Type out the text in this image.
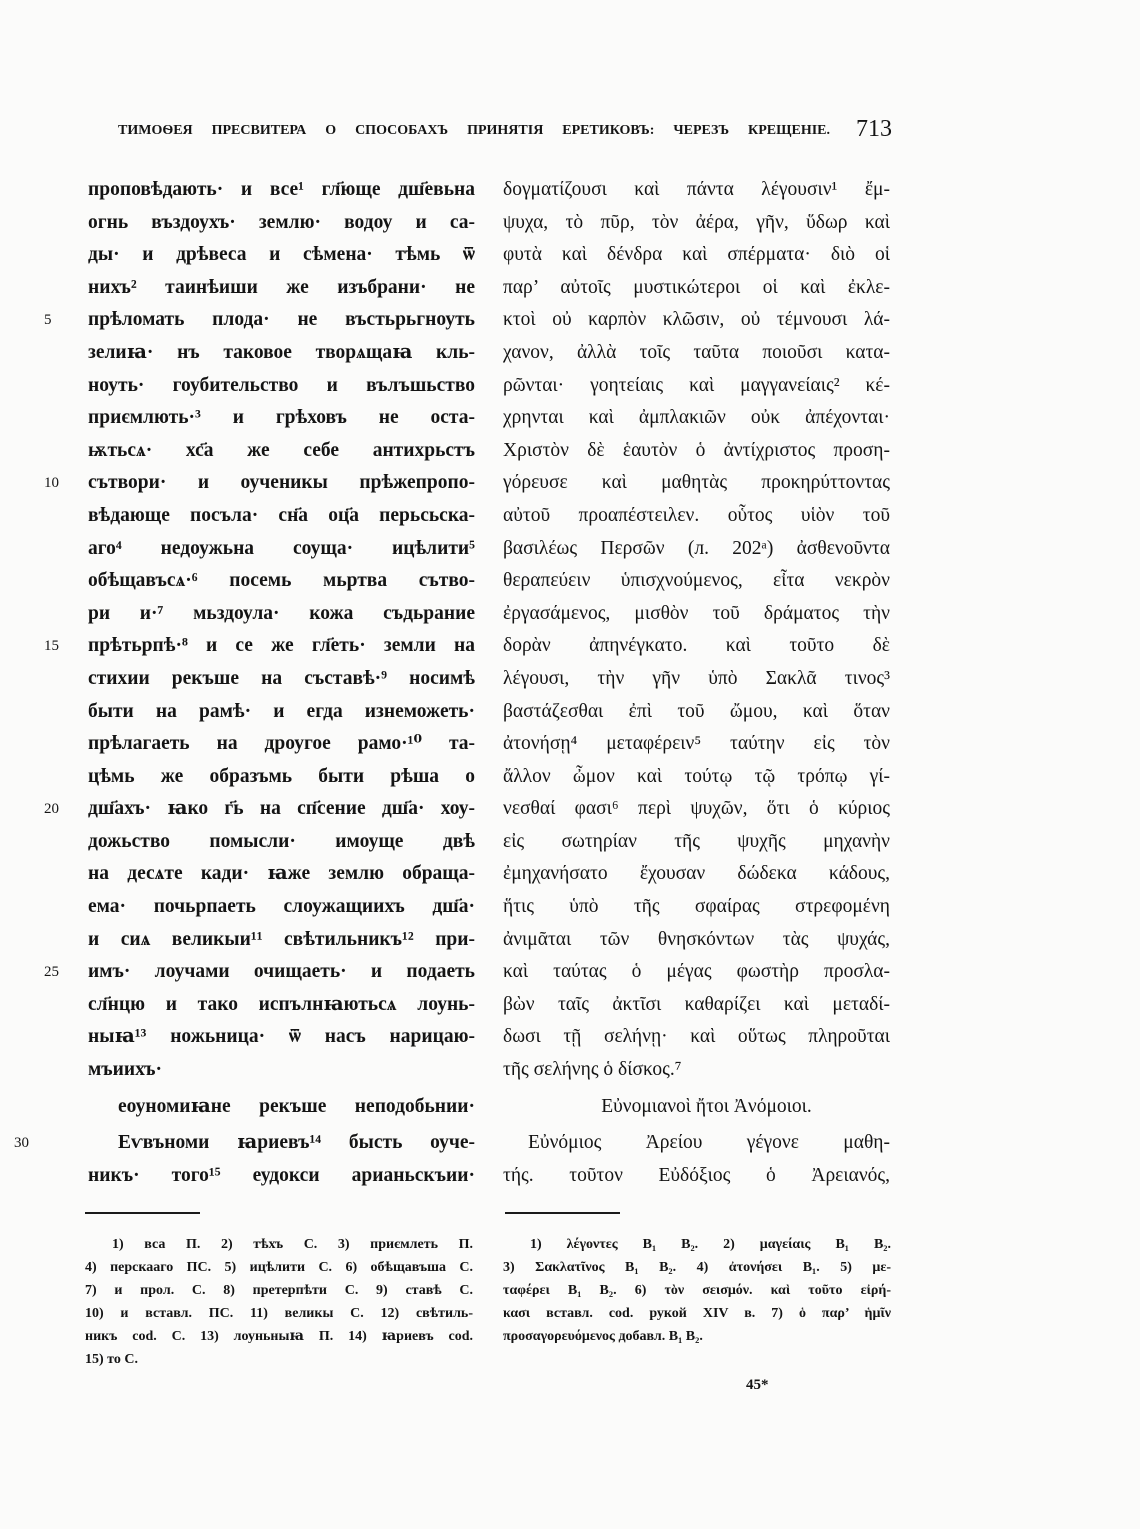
ТИМОѲЕЯ ПРЕСВИТЕРА О СПОСОБАХЪ ПРИНЯТІЯ ЕРЕТИКОВЪ: ЧЕРЕЗЪ КРЕЩЕНІЕ.	713
проповѣдають· и все¹ гл҃юще дш҃евьна
огнь въздоухъ· землю· водоу и са-
ды· и дрѣвеса и сѣмена· тѣмь ѿ
нихъ² таинѣиши же изъбрани· не
5	прѣломать плода· не въстьрьгноуть
зелиꙗ· нъ таковое творѧщаꙗ кль-
ноуть· гоубительство и вълъшьство
приємлють·³ и грѣховъ не оста-
ѭтьсѧ· хс҃а же себе антихрьстъ
10	сътвори· и оученикы прѣжепропо-
вѣдающе посъла· сн҃а оц҃а перьсьска-
аго⁴ недоужьна соуща· ицѣлити⁵
обѣщавъсѧ·⁶ посемь мьртва сътво-
ри и·⁷ мьздоула· кожа съдьрание
15	прѣтьрпѣ·⁸ и се же гл҃еть· земли на
стихии рекъше на съставѣ·⁹ носимѣ
быти на рамѣ· и егда изнеможеть·
прѣлагаеть на дроугое рамо·¹⁰ та-
цѣмь же образъмь быти рѣша о
20	дш҃ахъ· ꙗко г҃ь на сп҃сение дш҃а· хоу-
дожьство помысли· имоуще двѣ
на десѧте кади· ꙗже землю обраща-
ема· почьрпаеть слоужащиихъ дш҃а·
и сиѧ великыи¹¹ свѣтильникъ¹² при-
25	имъ· лоучами очищаеть· и подаеть
сл҃нцю и тако испълнꙗютьсѧ лоунь-
ныꙗ¹³ ножьница· ѿ насъ нарицаю-
мъиихъ·
еоуномиꙗне рекъше неподобьнии·
30	Еѵвъноми ꙗриевъ¹⁴ бысть оуче-
никъ· того¹⁵ еудокси арианьскъии·
δογματίζουσι καὶ πάντα λέγουσιν¹ ἔμ-
ψυχα, τὸ πῦρ, τὸν ἀέρα, γῆν, ὕδωρ καὶ
φυτὰ καὶ δένδρα καὶ σπέρματα· διὸ οἱ
παρ’ αὐτοῖς μυστικώτεροι οἱ καὶ ἐκλε-
κτοὶ οὐ καρπὸν κλῶσιν, οὐ τέμνουσι λά-
χανον, ἀλλὰ τοῖς ταῦτα ποιοῦσι κατα-
ρῶνται· γοητείαις καὶ μαγγανείαις² κέ-
χρηνται καὶ ἀμπλακιῶν οὐκ ἀπέχονται·
Χριστὸν δὲ ἑαυτὸν ὁ ἀντίχριστος προση-
γόρευσε καὶ μαθητὰς προκηρύττοντας
αὐτοῦ προαπέστειλεν. οὗτος υἱὸν τοῦ
βασιλέως Περσῶν (л. 202ᵃ) ἀσθενοῦντα
θεραπεύειν ὑπισχνούμενος, εἶτα νεκρὸν
ἐργασάμενος, μισθὸν τοῦ δράματος τὴν
δορὰν ἀπηνέγκατο. καὶ τοῦτο δὲ
λέγουσι, τὴν γῆν ὑπὸ Σακλᾶ τινος³
βαστάζεσθαι ἐπὶ τοῦ ὤμου, καὶ ὅταν
ἀτονήσῃ⁴ μεταφέρειν⁵ ταύτην εἰς τὸν
ἄλλον ὦμον καὶ τούτῳ τῷ τρόπῳ γί-
νεσθαί φασι⁶ περὶ ψυχῶν, ὅτι ὁ κύριος
εἰς σωτηρίαν τῆς ψυχῆς μηχανὴν
ἐμηχανήσατο ἔχουσαν δώδεκα κάδους,
ἥτις ὑπὸ τῆς σφαίρας στρεφομένη
ἀνιμᾶται τῶν θνησκόντων τὰς ψυχάς,
καὶ ταύτας ὁ μέγας φωστὴρ προσλα-
βὼν ταῖς ἀκτῖσι καθαρίζει καὶ μεταδί-
δωσι τῇ σελήνῃ· καὶ οὕτως πληροῦται
τῆς σελήνης ὁ δίσκος.⁷
Εὐνομιανοὶ ἤτοι Ἀνόμοιοι.
Εὐνόμιος Ἀρείου γέγονε μαθη-
τής. τοῦτον Εὐδόξιος ὁ Ἀρειανός,
1) вса П. 2) тѣхъ С. 3) приємлеть П.
4) перскааго ПС. 5) ицѣлити С. 6) обѣщавъша С.
7) и прол. С. 8) претерпѣти С. 9) ставѣ С.
10) и вставл. ПС. 11) великы С. 12) свѣтиль-
никъ cod. С. 13) лоуньныꙗ П. 14) ꙗриевъ cod.
15) то С.
1) λέγοντες B₁ B₂. 2) μαγείαις B₁ B₂.
3) Σακλατῖνος B₁ B₂. 4) ἀτονήσει B₁. 5) με-
ταφέρει B₁ B₂. 6) τὸν σεισμόν. καὶ τοῦτο εἰρή-
κασι вставл. cod. рукой XIV в. 7) ὁ παρ’ ἡμῖν
προσαγορευόμενος добавл. B₁ B₂.
45*
